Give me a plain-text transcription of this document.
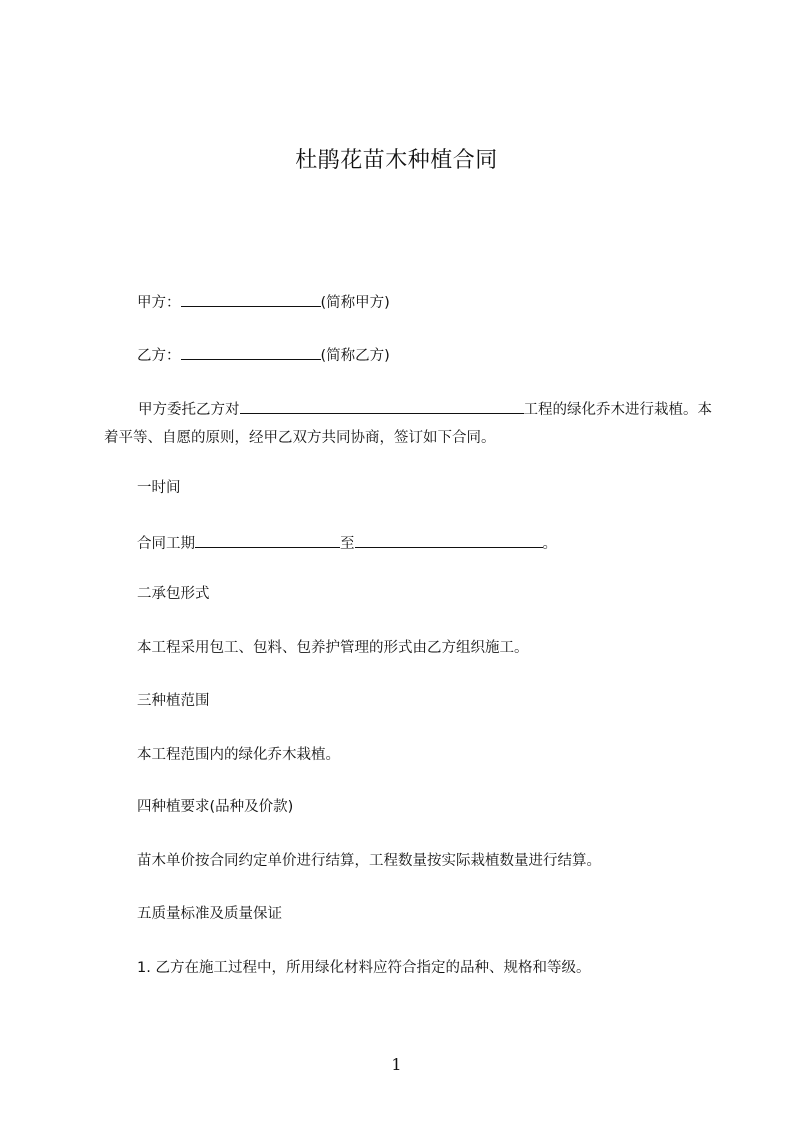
杜鹃花苗木种植合同
甲方：	(简称甲方)
乙方：	(简称乙方)
甲方委托乙方对	工程的绿化乔木进行栽植。本着平等、自愿的原则，经甲乙双方共同协商，签订如下合同。
一时间
合同工期	至	。
二承包形式
本工程采用包工、包料、包养护管理的形式由乙方组织施工。
三种植范围
本工程范围内的绿化乔木栽植。
四种植要求(品种及价款)
苗木单价按合同约定单价进行结算，工程数量按实际栽植数量进行结算。
五质量标准及质量保证
1. 乙方在施工过程中，所用绿化材料应符合指定的品种、规格和等级。
1
